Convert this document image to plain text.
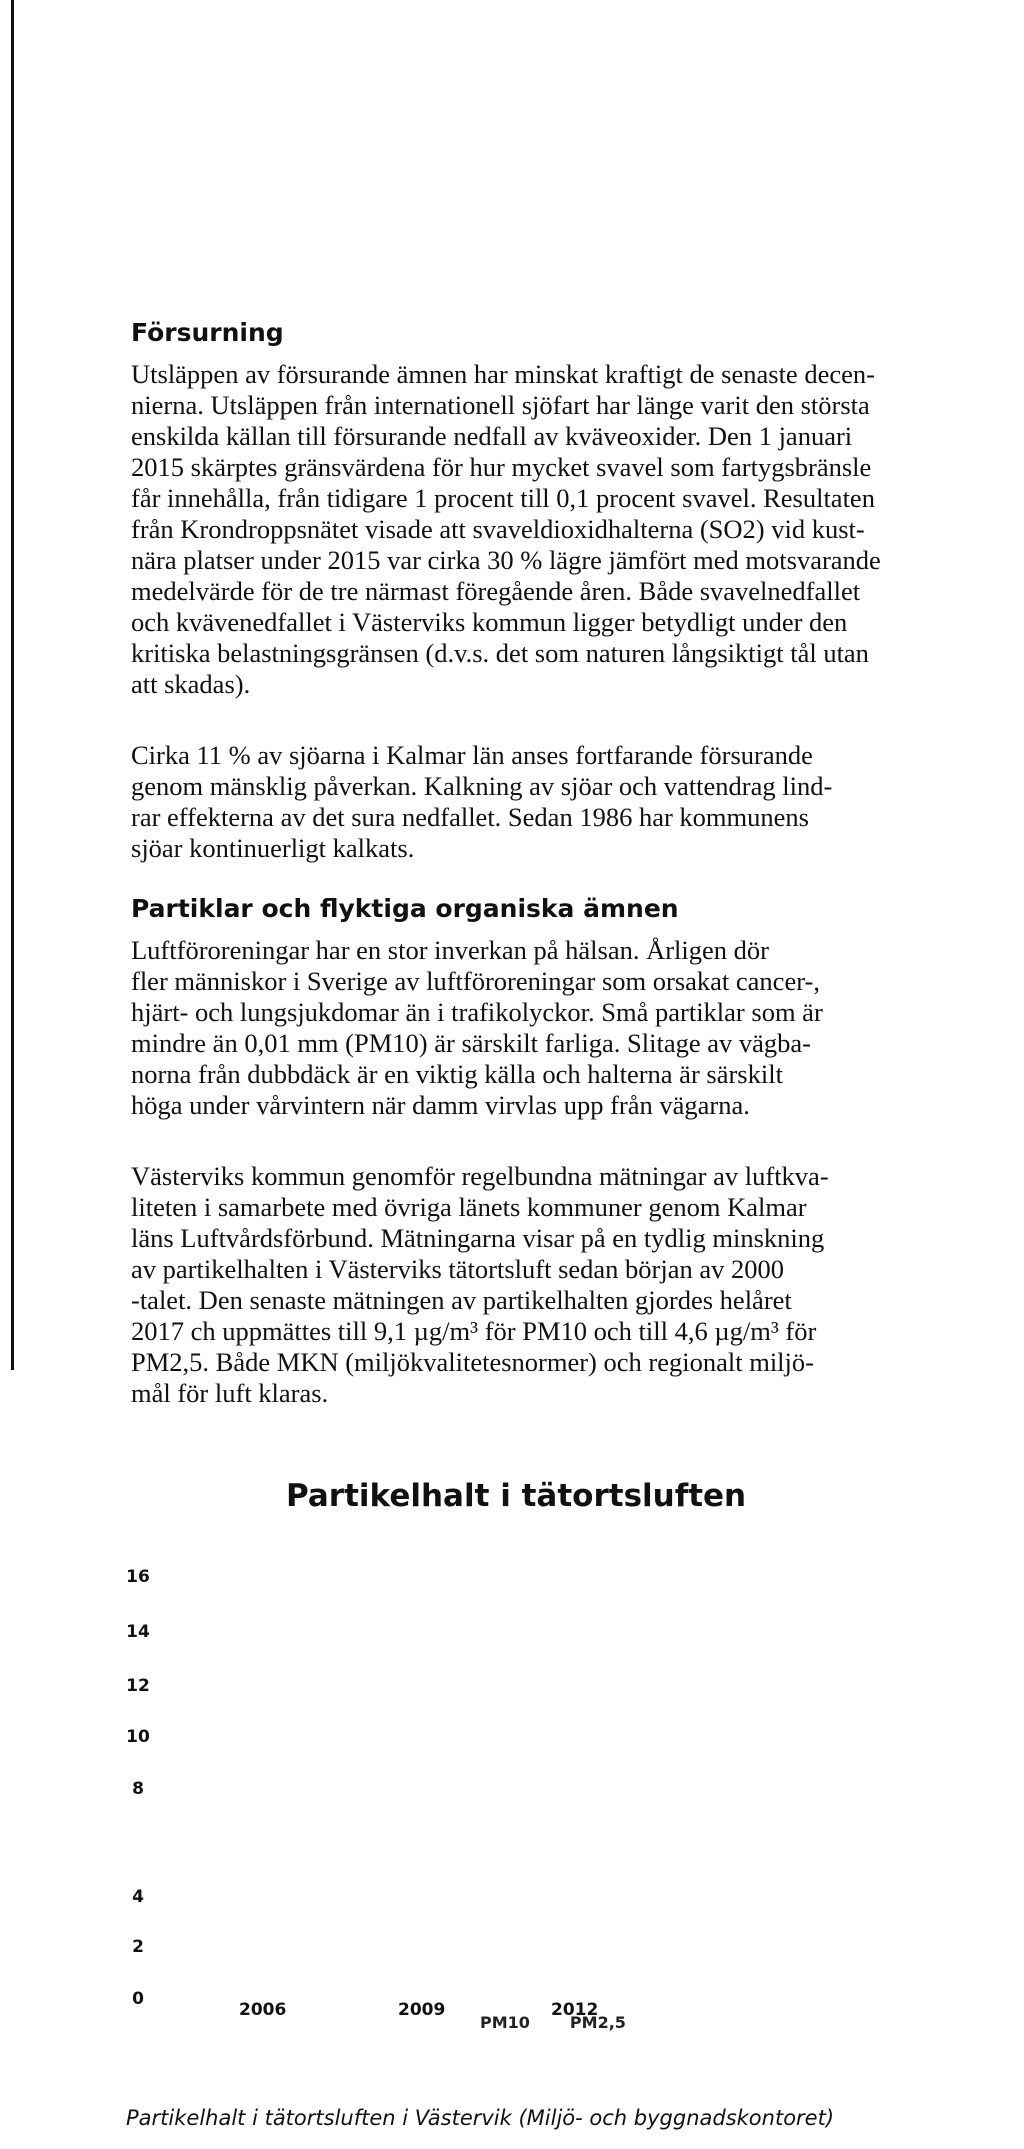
Försurning

Utsläppen av försurande ämnen har minskat kraftigt de senaste decen-
nierna. Utsläppen från internationell sjöfart har länge varit den största
enskilda källan till försurande nedfall av kväveoxider. Den 1 januari
2015 skärptes gränsvärdena för hur mycket svavel som fartygsbränsle
får innehålla, från tidigare 1 procent till 0,1 procent svavel. Resultaten
från Krondroppsnätet visade att svaveldioxidhalterna (SO2) vid kust-
nära platser under 2015 var cirka 30 % lägre jämfört med motsvarande
medelvärde för de tre närmast föregående åren. Både svavelnedfallet
och kvävenedfallet i Västerviks kommun ligger betydligt under den
kritiska belastningsgränsen (d.v.s. det som naturen långsiktigt tål utan
att skadas).

Cirka 11 % av sjöarna i Kalmar län anses fortfarande försurande
genom mänsklig påverkan. Kalkning av sjöar och vattendrag lind-
rar effekterna av det sura nedfallet. Sedan 1986 har kommunens
sjöar kontinuerligt kalkats.

Partiklar och flyktiga organiska ämnen

Luftföroreningar har en stor inverkan på hälsan. Årligen dör
fler människor i Sverige av luftföroreningar som orsakat cancer-,
hjärt- och lungsjukdomar än i trafikolyckor. Små partiklar som är
mindre än 0,01 mm (PM10) är särskilt farliga. Slitage av vägba-
norna från dubbdäck är en viktig källa och halterna är särskilt
höga under vårvintern när damm virvlas upp från vägarna.

Västerviks kommun genomför regelbundna mätningar av luftkva-
liteten i samarbete med övriga länets kommuner genom Kalmar
läns Luftvårdsförbund. Mätningarna visar på en tydlig minskning
av partikelhalten i Västerviks tätortsluft sedan början av 2000
-talet. Den senaste mätningen av partikelhalten gjordes helåret
2017 ch uppmättes till 9,1 µg/m³ för PM10 och till 4,6 µg/m³ för
PM2,5. Både MKN (miljökvalitetesnormer) och regionalt miljö-
mål för luft klaras.

Partikelhalt i tätortsluften
16
14
12
10
8
4
2
0
PM10	PM2,5
Partikelhalt i tätortsluften i Västervik (Miljö- och byggnadskontoret)
2006	2009	2012
